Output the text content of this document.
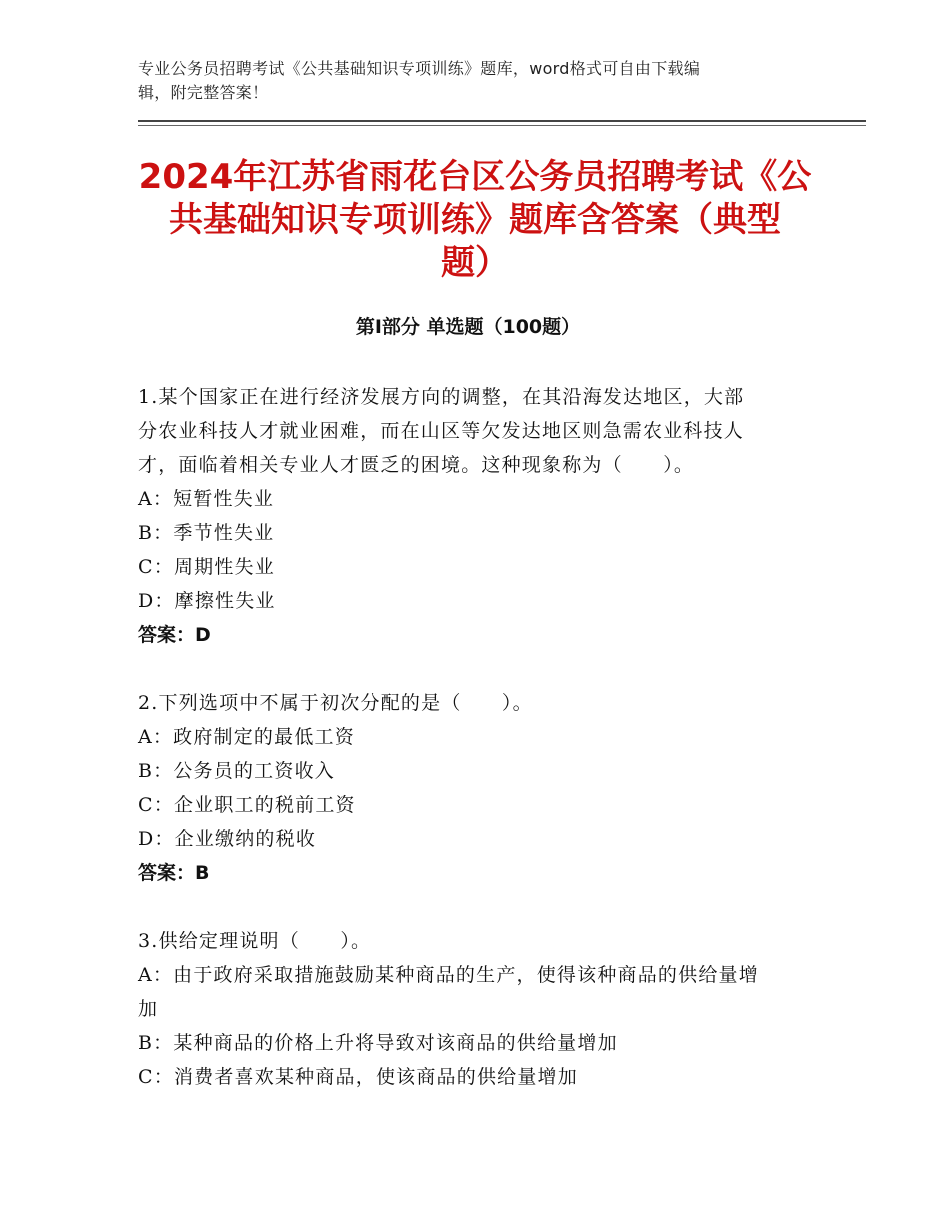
专业公务员招聘考试《公共基础知识专项训练》题库，word格式可自由下载编
辑，附完整答案！
2024年江苏省雨花台区公务员招聘考试《公
共基础知识专项训练》题库含答案（典型
题）
第Ⅰ部分 单选题（100题）
1.某个国家正在进行经济发展方向的调整，在其沿海发达地区，大部
分农业科技人才就业困难，而在山区等欠发达地区则急需农业科技人
才，面临着相关专业人才匮乏的困境。这种现象称为（　　）。
A：短暂性失业
B：季节性失业
C：周期性失业
D：摩擦性失业
答案：D
2.下列选项中不属于初次分配的是（　　）。
A：政府制定的最低工资
B：公务员的工资收入
C：企业职工的税前工资
D：企业缴纳的税收
答案：B
3.供给定理说明（　　）。
A：由于政府采取措施鼓励某种商品的生产，使得该种商品的供给量增
加
B：某种商品的价格上升将导致对该商品的供给量增加
C：消费者喜欢某种商品，使该商品的供给量增加
